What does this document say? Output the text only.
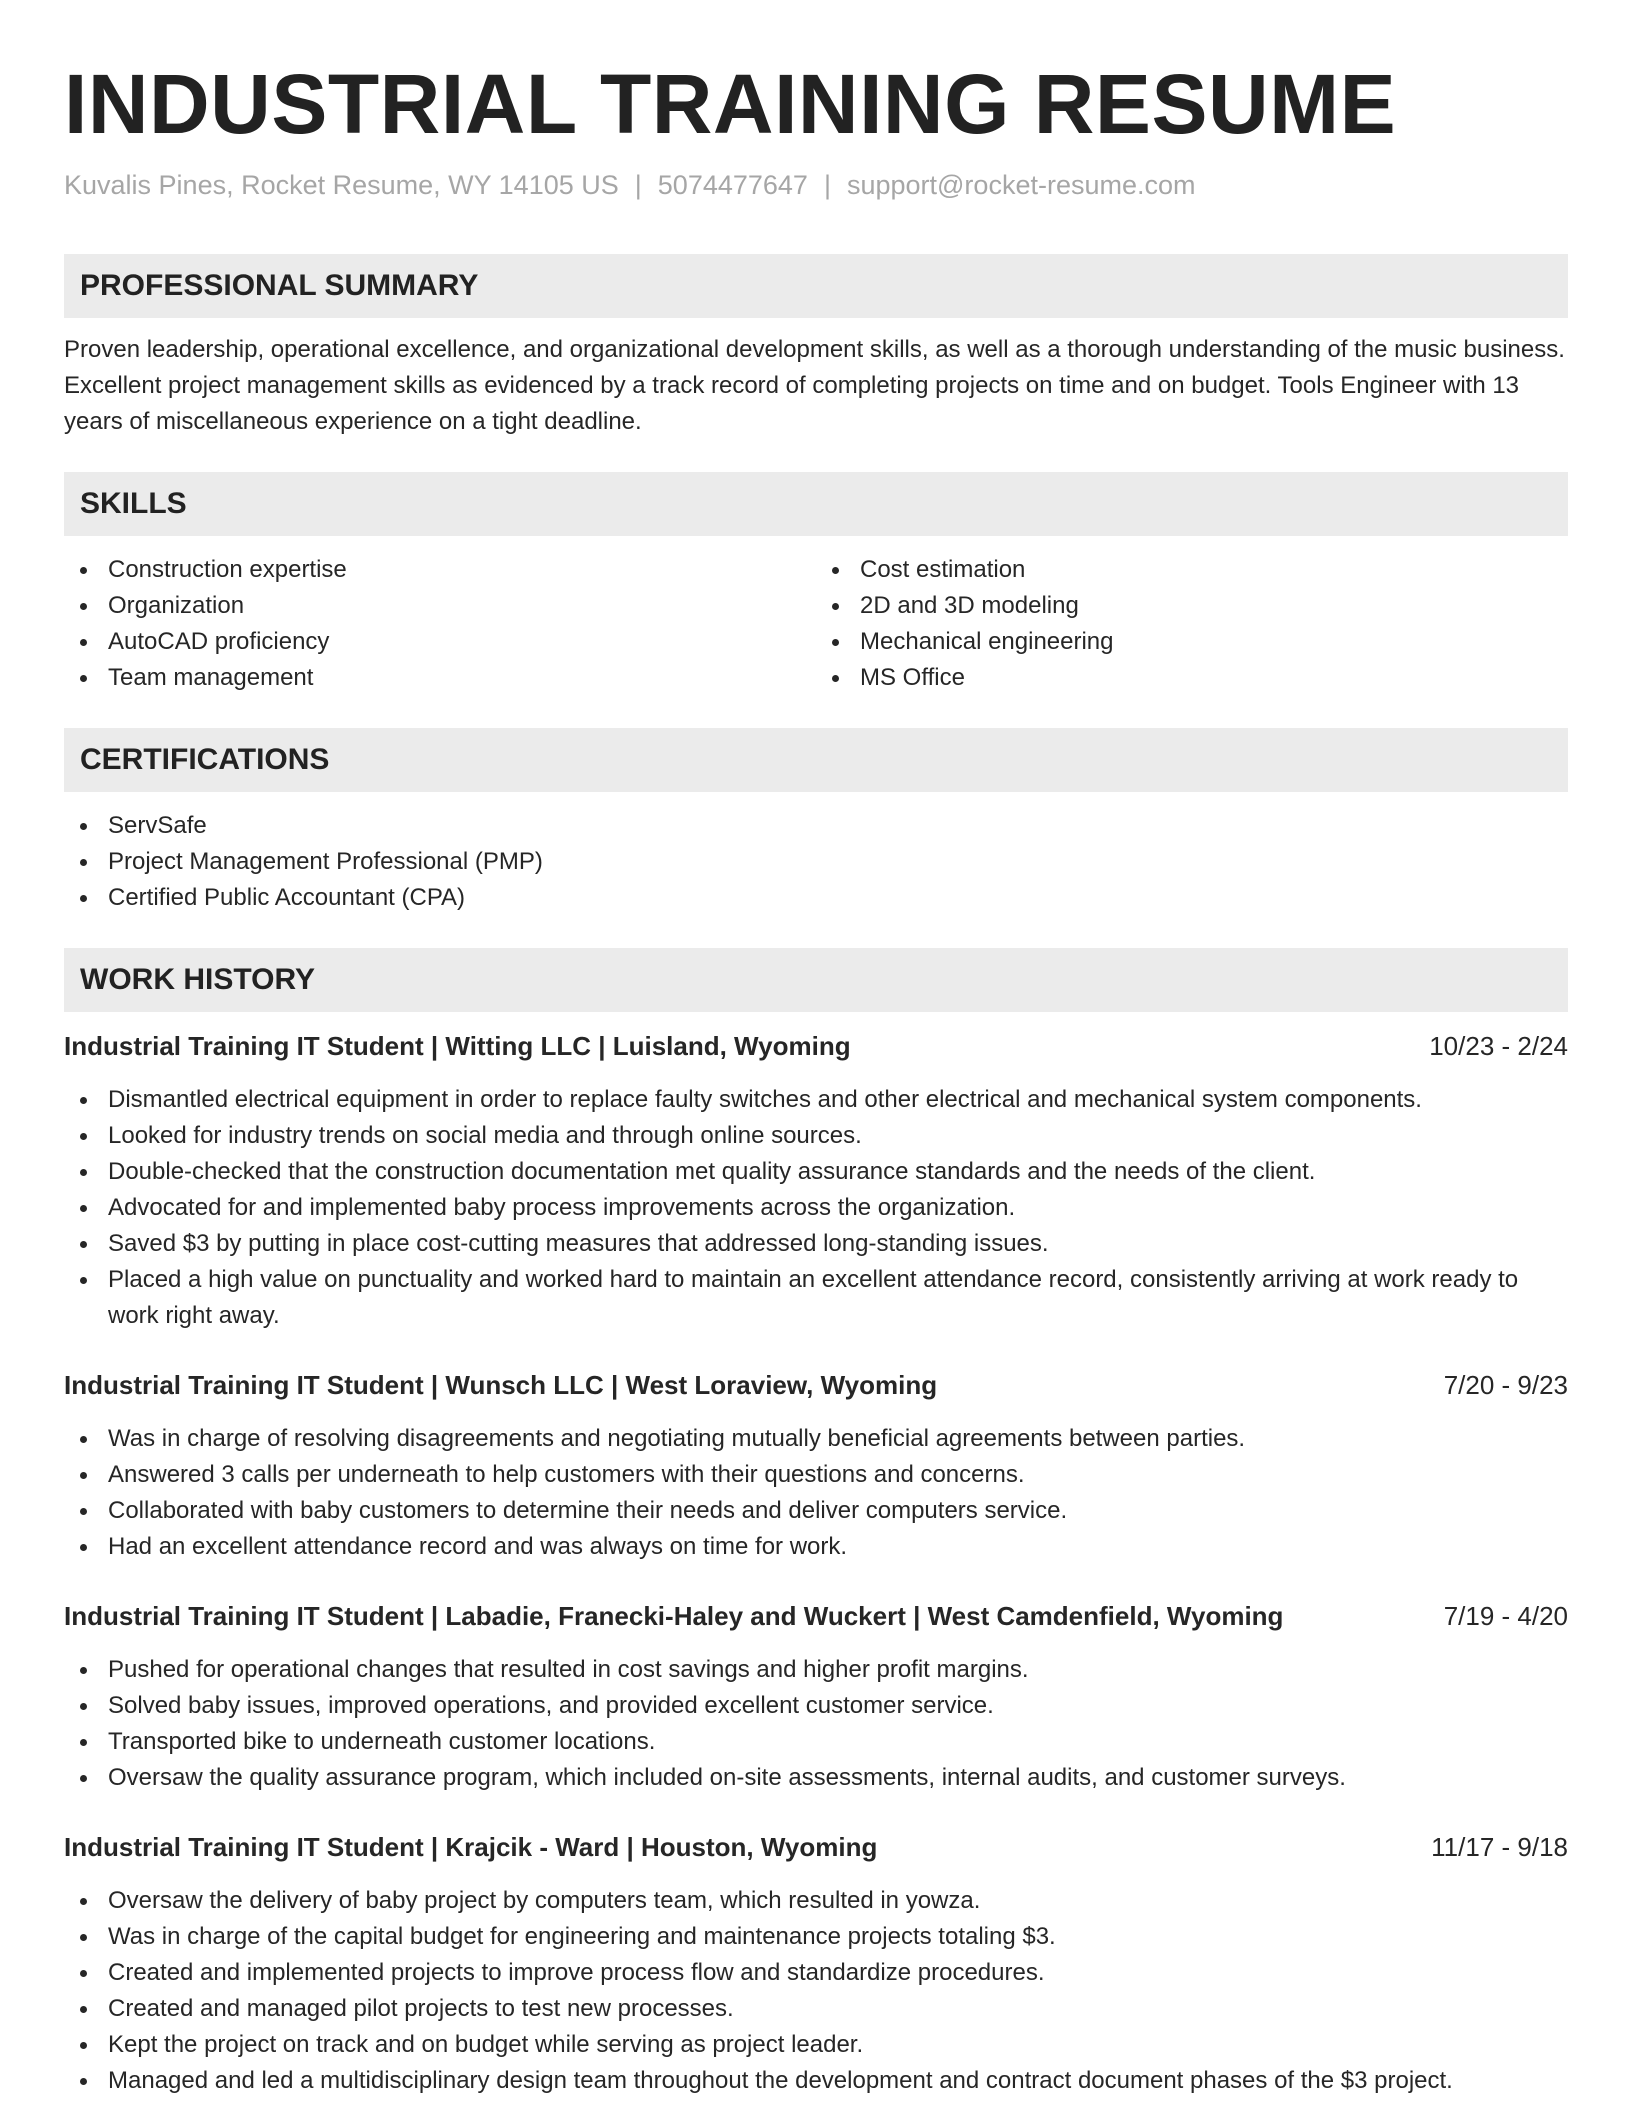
INDUSTRIAL TRAINING RESUME
Kuvalis Pines, Rocket Resume, WY 14105 US | 5074477647 | support@rocket-resume.com
PROFESSIONAL SUMMARY
Proven leadership, operational excellence, and organizational development skills, as well as a thorough understanding of the music business. Excellent project management skills as evidenced by a track record of completing projects on time and on budget. Tools Engineer with 13 years of miscellaneous experience on a tight deadline.
SKILLS
Construction expertise
Organization
AutoCAD proficiency
Team management
Cost estimation
2D and 3D modeling
Mechanical engineering
MS Office
CERTIFICATIONS
ServSafe
Project Management Professional (PMP)
Certified Public Accountant (CPA)
WORK HISTORY
Industrial Training IT Student | Witting LLC | Luisland, Wyoming	10/23 - 2/24
Dismantled electrical equipment in order to replace faulty switches and other electrical and mechanical system components.
Looked for industry trends on social media and through online sources.
Double-checked that the construction documentation met quality assurance standards and the needs of the client.
Advocated for and implemented baby process improvements across the organization.
Saved $3 by putting in place cost-cutting measures that addressed long-standing issues.
Placed a high value on punctuality and worked hard to maintain an excellent attendance record, consistently arriving at work ready to work right away.
Industrial Training IT Student | Wunsch LLC | West Loraview, Wyoming	7/20 - 9/23
Was in charge of resolving disagreements and negotiating mutually beneficial agreements between parties.
Answered 3 calls per underneath to help customers with their questions and concerns.
Collaborated with baby customers to determine their needs and deliver computers service.
Had an excellent attendance record and was always on time for work.
Industrial Training IT Student | Labadie, Franecki-Haley and Wuckert | West Camdenfield, Wyoming	7/19 - 4/20
Pushed for operational changes that resulted in cost savings and higher profit margins.
Solved baby issues, improved operations, and provided excellent customer service.
Transported bike to underneath customer locations.
Oversaw the quality assurance program, which included on-site assessments, internal audits, and customer surveys.
Industrial Training IT Student | Krajcik - Ward | Houston, Wyoming	11/17 - 9/18
Oversaw the delivery of baby project by computers team, which resulted in yowza.
Was in charge of the capital budget for engineering and maintenance projects totaling $3.
Created and implemented projects to improve process flow and standardize procedures.
Created and managed pilot projects to test new processes.
Kept the project on track and on budget while serving as project leader.
Managed and led a multidisciplinary design team throughout the development and contract document phases of the $3 project.
